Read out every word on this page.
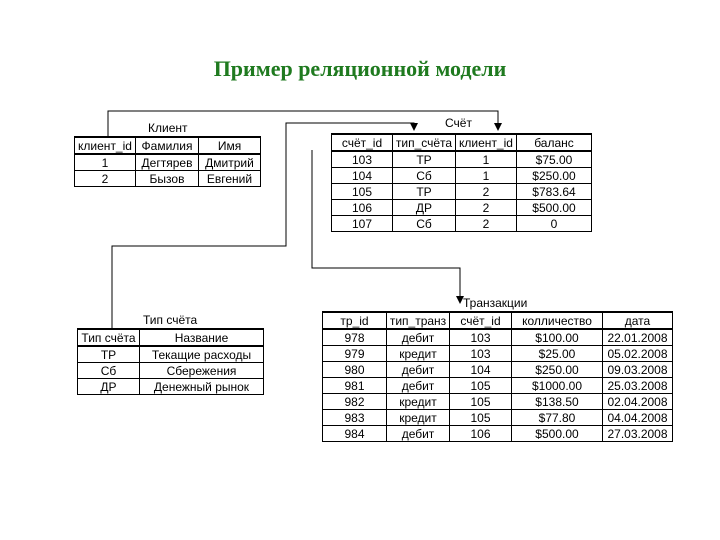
Пример реляционной модели
Клиент
клиент_id	Фамилия	Имя
1	Дегтярев	Дмитрий
2	Бызов	Евгений
Счёт
счёт_id	тип_счёта	клиент_id	баланс
103	ТР	1	$75.00
104	Сб	1	$250.00
105	ТР	2	$783.64
106	ДР	2	$500.00
107	Сб	2	0
Тип счёта
Тип счёта	Название
ТР	Текащие расходы
Сб	Сбережения
ДР	Денежный рынок
Транзакции
тр_id	тип_транз	счёт_id	колличество	дата
978	дебит	103	$100.00	22.01.2008
979	кредит	103	$25.00	05.02.2008
980	дебит	104	$250.00	09.03.2008
981	дебит	105	$1000.00	25.03.2008
982	кредит	105	$138.50	02.04.2008
983	кредит	105	$77.80	04.04.2008
984	дебит	106	$500.00	27.03.2008
